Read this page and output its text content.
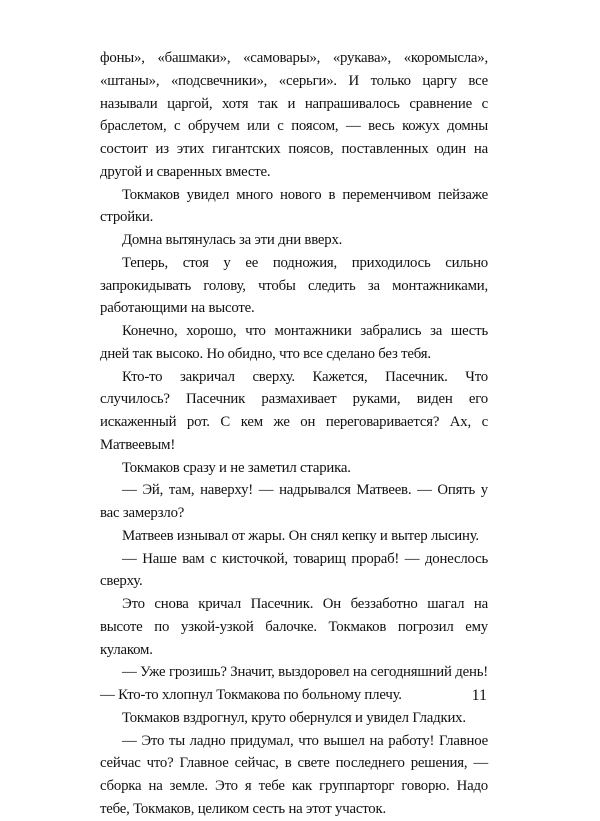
фоны», «башмаки», «самовары», «рукава», «коромысла», «штаны», «подсвечники», «серьги». И только царгу все называли царгой, хотя так и напрашивалось сравнение с браслетом, с обручем или с поясом, — весь кожух домны состоит из этих гигантских поясов, поставленных один на другой и сваренных вместе.

Токмаков увидел много нового в переменчивом пейзаже стройки.

Домна вытянулась за эти дни вверх.

Теперь, стоя у ее подножия, приходилось сильно запрокидывать голову, чтобы следить за монтажниками, работающими на высоте.

Конечно, хорошо, что монтажники забрались за шесть дней так высоко. Но обидно, что все сделано без тебя.

Кто-то закричал сверху. Кажется, Пасечник. Что случилось? Пасечник размахивает руками, виден его искаженный рот. С кем же он переговаривается? Ах, с Матвеевым!

Токмаков сразу и не заметил старика.

— Эй, там, наверху! — надрывался Матвеев. — Опять у вас замерзло?

Матвеев изнывал от жары. Он снял кепку и вытер лысину.

— Наше вам с кисточкой, товарищ прораб! — донеслось сверху.

Это снова кричал Пасечник. Он беззаботно шагал на высоте по узкой-узкой балочке. Токмаков погрозил ему кулаком.

— Уже грозишь? Значит, выздоровел на сегодняшний день! — Кто-то хлопнул Токмакова по больному плечу.

Токмаков вздрогнул, круто обернулся и увидел Гладких.

— Это ты ладно придумал, что вышел на работу! Главное сейчас что? Главное сейчас, в свете последнего решения, — сборка на земле. Это я тебе как группарторг говорю. Надо тебе, Токмаков, целиком сесть на этот участок.

11
